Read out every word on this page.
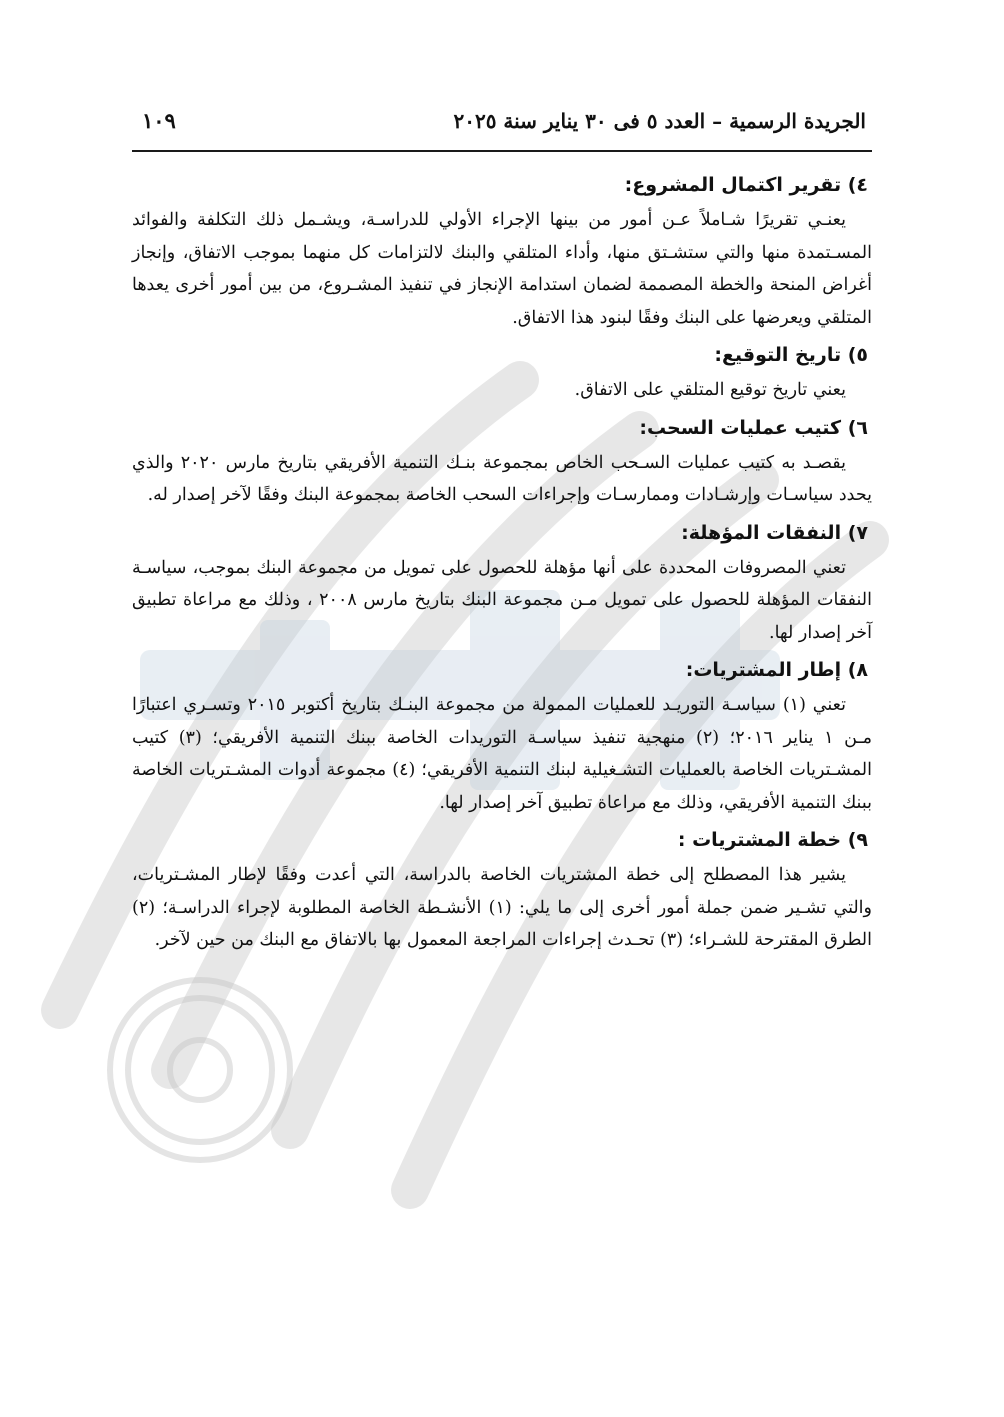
الجريدة الرسمية – العدد ٥ فى ٣٠ يناير سنة ٢٠٢٥
١٠٩
٤) تقرير اكتمال المشروع:

يعنـي تقريرًا شـاملاً عـن أمور من بينها الإجراء الأولي للدراسـة، ويشـمل ذلك التكلفة والفوائد المسـتمدة منها والتي ستشـتق منها، وأداء المتلقي والبنك لالتزامات كل منهما بموجب الاتفاق، وإنجاز أغراض المنحة والخطة المصممة لضمان استدامة الإنجاز في تنفيذ المشـروع، من بين أمور أخرى يعدها المتلقي ويعرضها على البنك وفقًا لبنود هذا الاتفاق.

٥) تاريخ التوقيع:

يعني تاريخ توقيع المتلقي على الاتفاق.

٦) كتيب عمليات السحب:

يقصـد به كتيب عمليات السـحب الخاص بمجموعة بنـك التنمية الأفريقي بتاريخ مارس ٢٠٢٠ والذي يحدد سياسـات وإرشـادات وممارسـات وإجراءات السحب الخاصة بمجموعة البنك وفقًا لآخر إصدار له.

٧) النفقات المؤهلة:

تعني المصروفات المحددة على أنها مؤهلة للحصول على تمويل من مجموعة البنك بموجب، سياسـة النفقات المؤهلة للحصول على تمويل مـن مجموعة البنك بتاريخ مارس ٢٠٠٨ ، وذلك مع مراعاة تطبيق آخر إصدار لها.

٨) إطار المشتريات:

تعني (١) سياسـة التوريـد للعمليات الممولة من مجموعة البنـك بتاريخ أكتوبر ٢٠١٥ وتسـري اعتبارًا مـن ١ يناير ٢٠١٦؛ (٢) منهجية تنفيذ سياسـة التوريدات الخاصة ببنك التنمية الأفريقي؛ (٣) كتيب المشـتريات الخاصة بالعمليات التشـغيلية لبنك التنمية الأفريقي؛ (٤) مجموعة أدوات المشـتريات الخاصة ببنك التنمية الأفريقي، وذلك مع مراعاة تطبيق آخر إصدار لها.

٩) خطة المشتريات :

يشير هذا المصطلح إلى خطة المشتريات الخاصة بالدراسة، التي أعدت وفقًا لإطار المشـتريات، والتي تشـير ضمن جملة أمور أخرى إلى ما يلي: (١) الأنشـطة الخاصة المطلوبة لإجراء الدراسـة؛ (٢) الطرق المقترحة للشـراء؛ (٣) تحـدث إجراءات المراجعة المعمول بها بالاتفاق مع البنك من حين لآخر.
